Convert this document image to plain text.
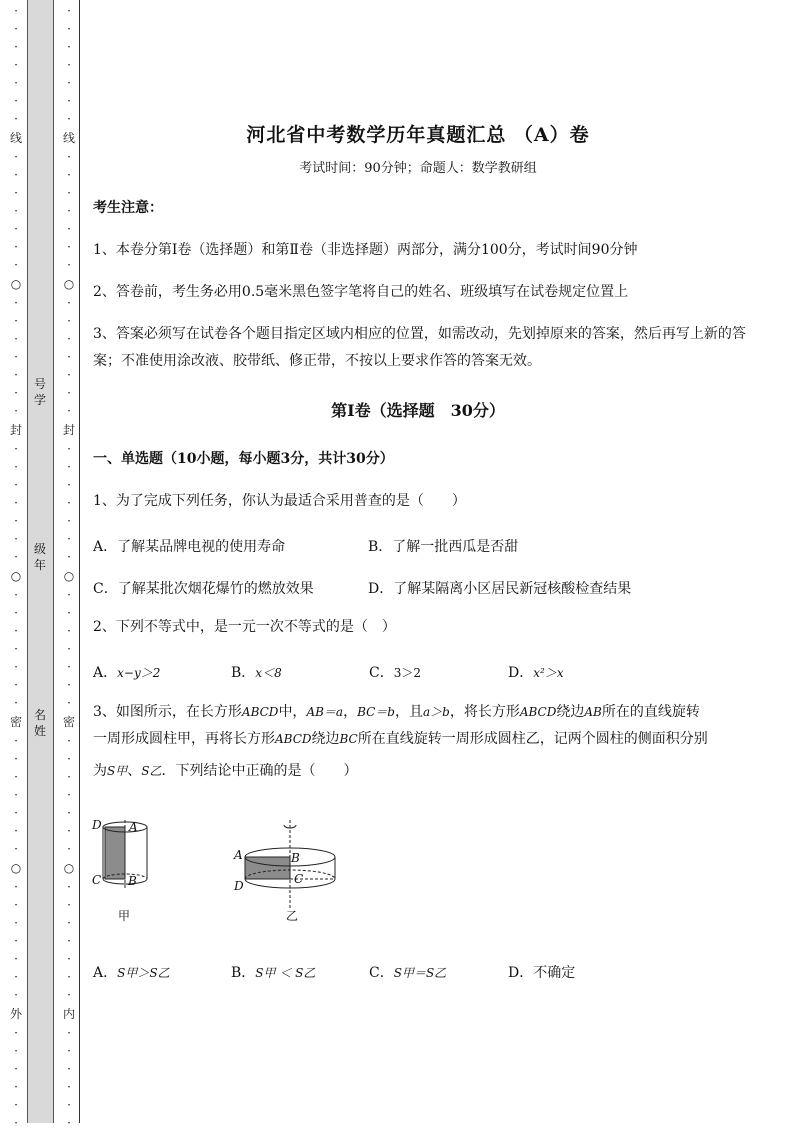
·
·
·
·
·
·
·
线
·
·
·
·
·
·
·
○
·
·
·
·
·
·
·
封
·
·
·
·
·
·
·
○
·
·
·
·
·
·
·
密
·
·
·
·
·
·
·
○
·
·
·
·
·
·
·
外
·
·
·
·
·
·
·
·
·
·
·
·
·
线
·
·
·
·
·
·
·
○
·
·
·
·
·
·
·
封
·
·
·
·
·
·
·
○
·
·
·
·
·
·
·
密
·
·
·
·
·
·
·
○
·
·
·
·
·
·
·
内
·
·
·
·
·
·
号学
级年
名姓
河北省中考数学历年真题汇总 （A）卷
考试时间：90分钟；命题人：数学教研组
考生注意：
1、本卷分第I卷（选择题）和第Ⅱ卷（非选择题）两部分，满分100分，考试时间90分钟
2、答卷前，考生务必用0.5毫米黑色签字笔将自己的姓名、班级填写在试卷规定位置上
3、答案必须写在试卷各个题目指定区域内相应的位置，如需改动，先划掉原来的答案，然后再写上新的答案；不准使用涂改液、胶带纸、修正带，不按以上要求作答的答案无效。
第I卷（选择题　30分）
一、单选题（10小题，每小题3分，共计30分）
1、为了完成下列任务，你认为最适合采用普查的是（　　）
A．了解某品牌电视的使用寿命	B．了解一批西瓜是否甜
C．了解某批次烟花爆竹的燃放效果	D．了解某隔离小区居民新冠核酸检查结果
2、下列不等式中，是一元一次不等式的是（　）
A．x−y＞2	B．x＜8	C．3＞2	D．x²＞x
3、如图所示，在长方形ABCD中，AB＝a，BC＝b，且a＞b，将长方形ABCD绕边AB所在的直线旋转
一周形成圆柱甲，再将长方形ABCD绕边BC所在直线旋转一周形成圆柱乙，记两个圆柱的侧面积分别
为S甲、S乙．下列结论中正确的是（　　）
D A
C B
甲
A	B
C
D
乙
A．S甲＞S乙	B．S甲 ＜ S乙	C．S甲＝S乙	D．不确定
